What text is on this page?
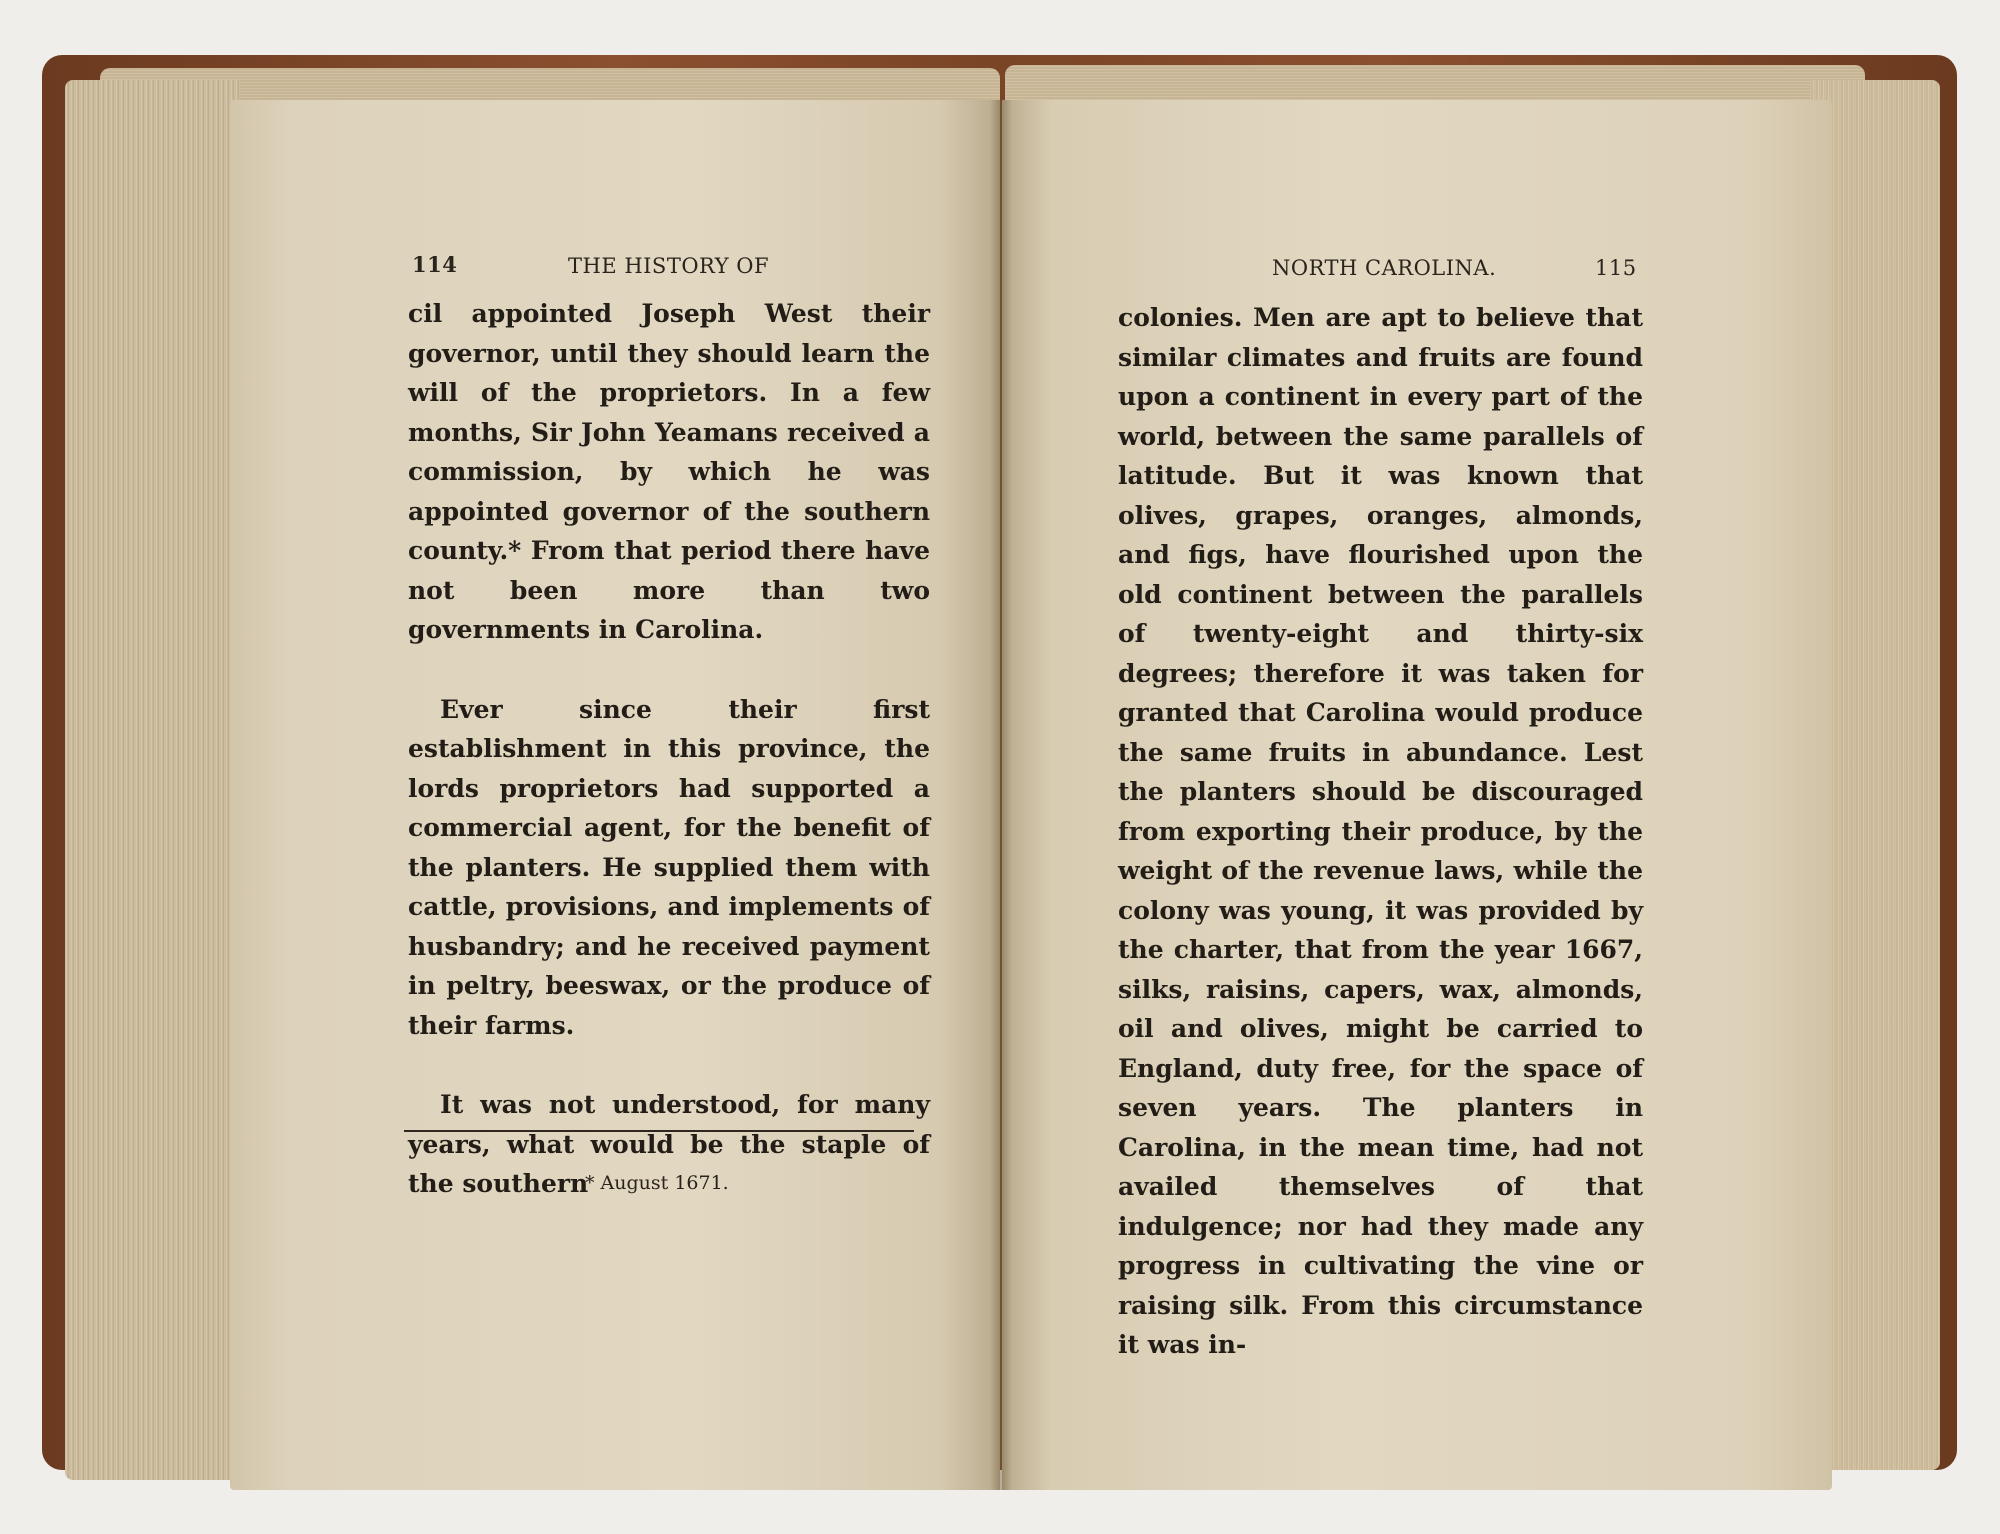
114	THE HISTORY OF	NORTH CAROLINA.	115

cil appointed Joseph West their governor, until they should learn the will of the proprietors. In a few months, Sir John Yeamans received a commission, by which he was appointed governor of the southern county.* From that period there have not been more than two governments in Carolina.

Ever since their first establishment in this province, the lords proprietors had supported a commercial agent, for the benefit of the planters. He supplied them with cattle, provisions, and implements of husbandry; and he received payment in peltry, beeswax, or the produce of their farms.

It was not understood, for many years, what would be the staple of the southern

* August 1671.

colonies. Men are apt to believe that similar climates and fruits are found upon a continent in every part of the world, between the same parallels of latitude. But it was known that olives, grapes, oranges, almonds, and figs, have flourished upon the old continent between the parallels of twenty-eight and thirty-six degrees; therefore it was taken for granted that Carolina would produce the same fruits in abundance. Lest the planters should be discouraged from exporting their produce, by the weight of the revenue laws, while the colony was young, it was provided by the charter, that from the year 1667, silks, raisins, capers, wax, almonds, oil and olives, might be carried to England, duty free, for the space of seven years. The planters in Carolina, in the mean time, had not availed themselves of that indulgence; nor had they made any progress in cultivating the vine or raising silk. From this circumstance it was in-
